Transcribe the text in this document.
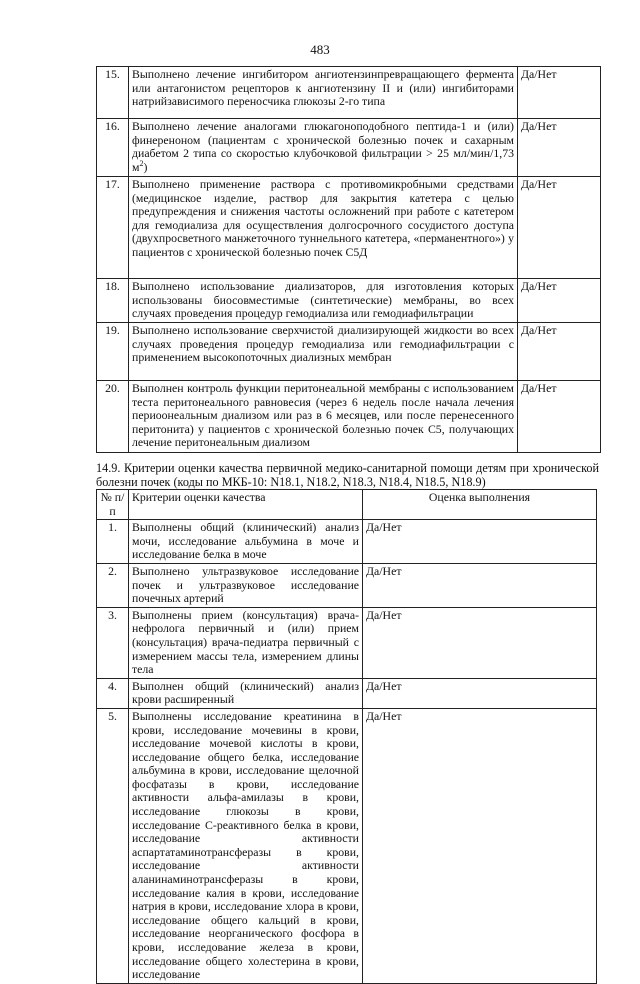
483
15.	Выполнено лечение ингибитором ангиотензинпревращающего фермента или антагонистом рецепторов к ангиотензину II и (или) ингибиторами натрийзависимого переносчика глюкозы 2-го типа	Да/Нет
16.	Выполнено лечение аналогами глюкагоноподобного пептида-1 и (или) финереноном (пациентам с хронической болезнью почек и сахарным диабетом 2 типа со скоростью клубочковой фильтрации > 25 мл/мин/1,73 $м^2$)	Да/Нет
17.	Выполнено применение раствора с противомикробными средствами (медицинское изделие, раствор для закрытия катетера с целью предупреждения и снижения частоты осложнений при работе с катетером для гемодиализа для осуществления долгосрочного сосудистого доступа (двухпросветного манжеточного туннельного катетера, «перманентного») у пациентов с хронической болезнью почек С5Д	Да/Нет
18.	Выполнено использование диализаторов, для изготовления которых использованы биосовместимые (синтетические) мембраны, во всех случаях проведения процедур гемодиализа или гемодиафильтрации	Да/Нет
19.	Выполнено использование сверхчистой диализирующей жидкости во всех случаях проведения процедур гемодиализа или гемодиафильтрации с применением высокопоточных диализных мембран	Да/Нет
20.	Выполнен контроль функции перитонеальной мембраны с использованием теста перитонеального равновесия (через 6 недель после начала лечения периоонеальным диализом или раз в 6 месяцев, или после перенесенного перитонита) у пациентов с хронической болезнью почек С5, получающих лечение перитонеальным диализом	Да/Нет
14.9. Критерии оценки качества первичной медико-санитарной помощи детям при хронической болезни почек (коды по МКБ-10: N18.1, N18.2, N18.3, N18.4, N18.5, N18.9)
№ п/п	Критерии оценки качества	Оценка выполнения
1.	Выполнены общий (клинический) анализ мочи, исследование альбумина в моче и исследование белка в моче	Да/Нет
2.	Выполнено ультразвуковое исследование почек и ультразвуковое исследование почечных артерий	Да/Нет
3.	Выполнены прием (консультация) врача-нефролога первичный и (или) прием (консультация) врача-педиатра первичный с измерением массы тела, измерением длины тела	Да/Нет
4.	Выполнен общий (клинический) анализ крови расширенный	Да/Нет
5.	Выполнены исследование креатинина в крови, исследование мочевины в крови, исследование мочевой кислоты в крови, исследование общего белка, исследование альбумина в крови, исследование щелочной фосфатазы в крови, исследование активности альфа-амилазы в крови, исследование глюкозы в крови, исследование С-реактивного белка в крови, исследование активности аспартатаминотрансферазы в крови, исследование активности аланинаминотрансферазы в крови, исследование калия в крови, исследование натрия в крови, исследование хлора в крови, исследование общего кальций в крови, исследование неорганического фосфора в крови, исследование железа в крови, исследование общего холестерина в крови, исследование	Да/Нет
